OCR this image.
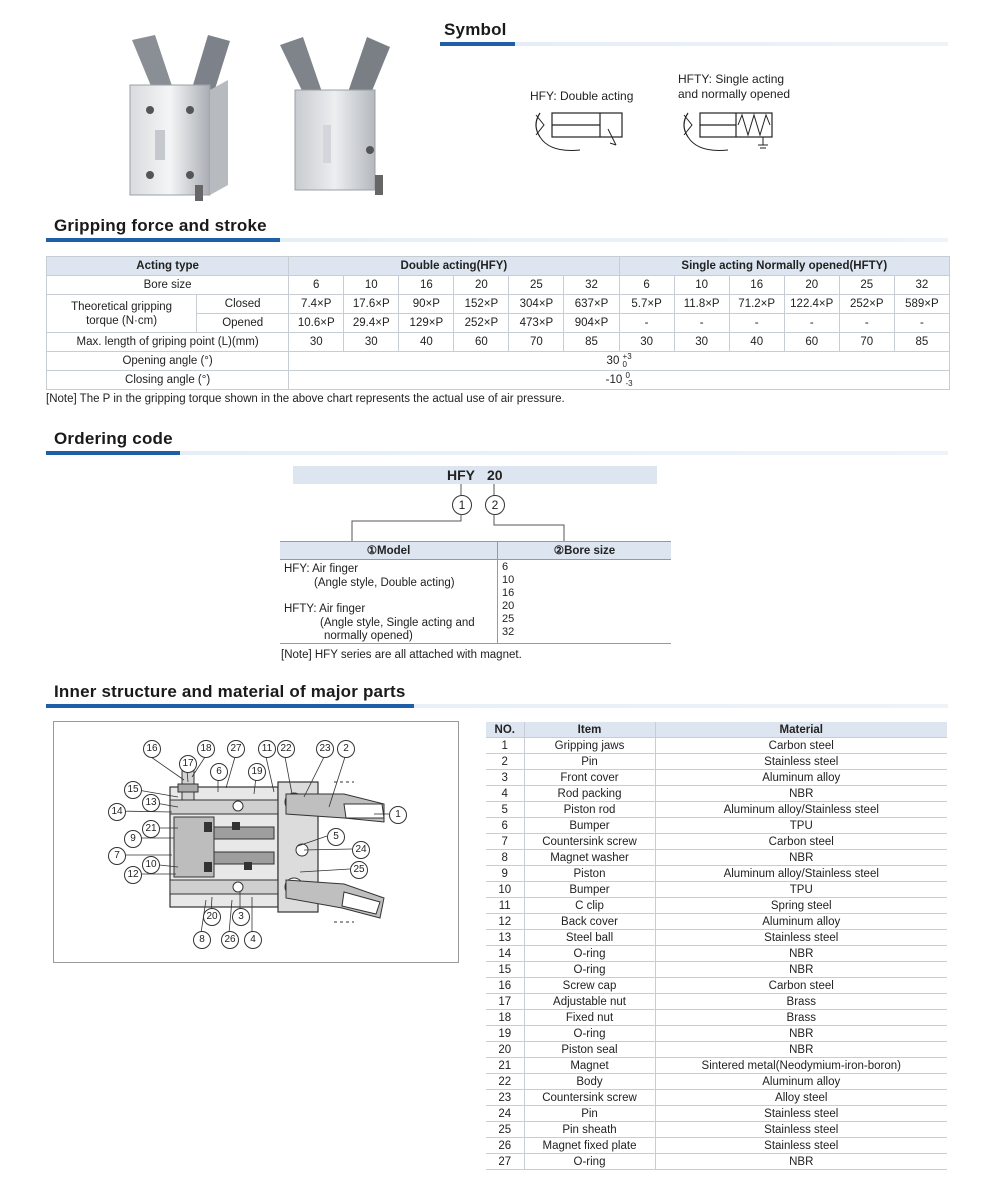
Symbol
HFY: Double acting
HFTY: Single acting
and normally opened
Gripping force and stroke
Acting type		Double acting(HFY)						Single acting Normally opened(HFTY)					
Bore size		6	10	16	20	25	32	6	10	16	20	25	32
Theoretical gripping
torque (N·cm)	Closed	7.4×P	17.6×P	90×P	152×P	304×P	637×P	5.7×P	11.8×P	71.2×P	122.4×P	252×P	589×P
	Opened	10.6×P	29.4×P	129×P	252×P	473×P	904×P	-	-	-	-	-	-
Max. length of griping point (L)(mm)		30	30	40	60	70	85	30	30	40	60	70	85
Opening angle (°)		30 +3
0											
Closing angle (°)		-10 0
-3											
[Note] The P in the gripping torque shown in the above chart represents the actual use of air pressure.
Ordering code
HFY 20
1	2
①Model	②Bore size
HFY: Air finger
(Angle style, Double acting)
HFTY: Air finger
(Angle style, Single acting and
normally opened)
6
10
16
20
25
32
[Note] HFY series are all attached with magnet.
Inner structure and material of major parts
16	18	27	11 22	23	2
17
6	19
15
13
14	1
21
9	5
7
24
10
12	25
20	3
8	26	4
NO.	Item	Material
1	Gripping jaws	Carbon steel
2	Pin	Stainless steel
3	Front cover	Aluminum alloy
4	Rod packing	NBR
5	Piston rod	Aluminum alloy/Stainless steel
6	Bumper	TPU
7	Countersink screw	Carbon steel
8	Magnet washer	NBR
9	Piston	Aluminum alloy/Stainless steel
10	Bumper	TPU
11	C clip	Spring steel
12	Back cover	Aluminum alloy
13	Steel ball	Stainless steel
14	O-ring	NBR
15	O-ring	NBR
16	Screw cap	Carbon steel
17	Adjustable nut	Brass
18	Fixed nut	Brass
19	O-ring	NBR
20	Piston seal	NBR
21	Magnet	Sintered metal(Neodymium-iron-boron)
22	Body	Aluminum alloy
23	Countersink screw	Alloy steel
24	Pin	Stainless steel
25	Pin sheath	Stainless steel
26	Magnet fixed plate	Stainless steel
27	O-ring	NBR
